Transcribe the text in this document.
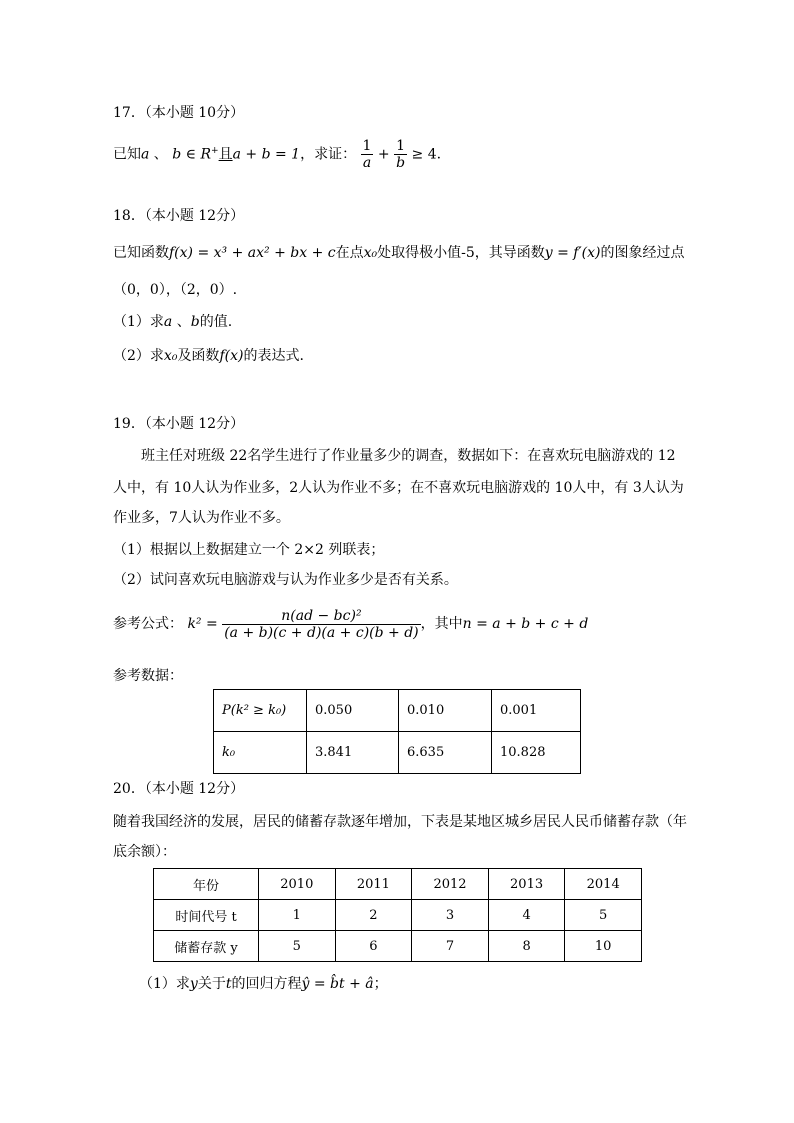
17．（本小题 10分）
已知a 、 b ∈ R+且a + b = 1，求证： $\frac{1}{a} + \frac{1}{b} \ge 4$.
18．（本小题 12分）
已知函数f(x) = x³ + ax² + bx + c在点x₀处取得极小值-5，其导函数y = f′(x)的图象经过点
（0，0），（2，0）.
（1）求a 、b的值.
（2）求x₀及函数f(x)的表达式.
19．（本小题 12分）
班主任对班级 22名学生进行了作业量多少的调查，数据如下：在喜欢玩电脑游戏的 12
人中，有 10人认为作业多，2人认为作业不多；在不喜欢玩电脑游戏的 10人中，有 3人认为
作业多，7人认为作业不多。
（1）根据以上数据建立一个 2×2 列联表；
（2）试问喜欢玩电脑游戏与认为作业多少是否有关系。
参考公式： $k^2 = \frac{\text{n(ad − bc)²}}{(a + b)(c + d)(a + c)(b + d)}$ ，其中n = a + b + c + d
参考数据：
P(k² ≥ k₀)	0.050	0.010	0.001
k₀	3.841	6.635	10.828
20．（本小题 12分）
随着我国经济的发展，居民的储蓄存款逐年增加，下表是某地区城乡居民人民币储蓄存款（年
底余额）：
年份	2010	2011	2012	2013	2014
时间代号 t	1	2	3	4	5
储蓄存款 y	5	6	7	8	10
（1）求y关于t的回归方程ŷ = b̂t + â；
